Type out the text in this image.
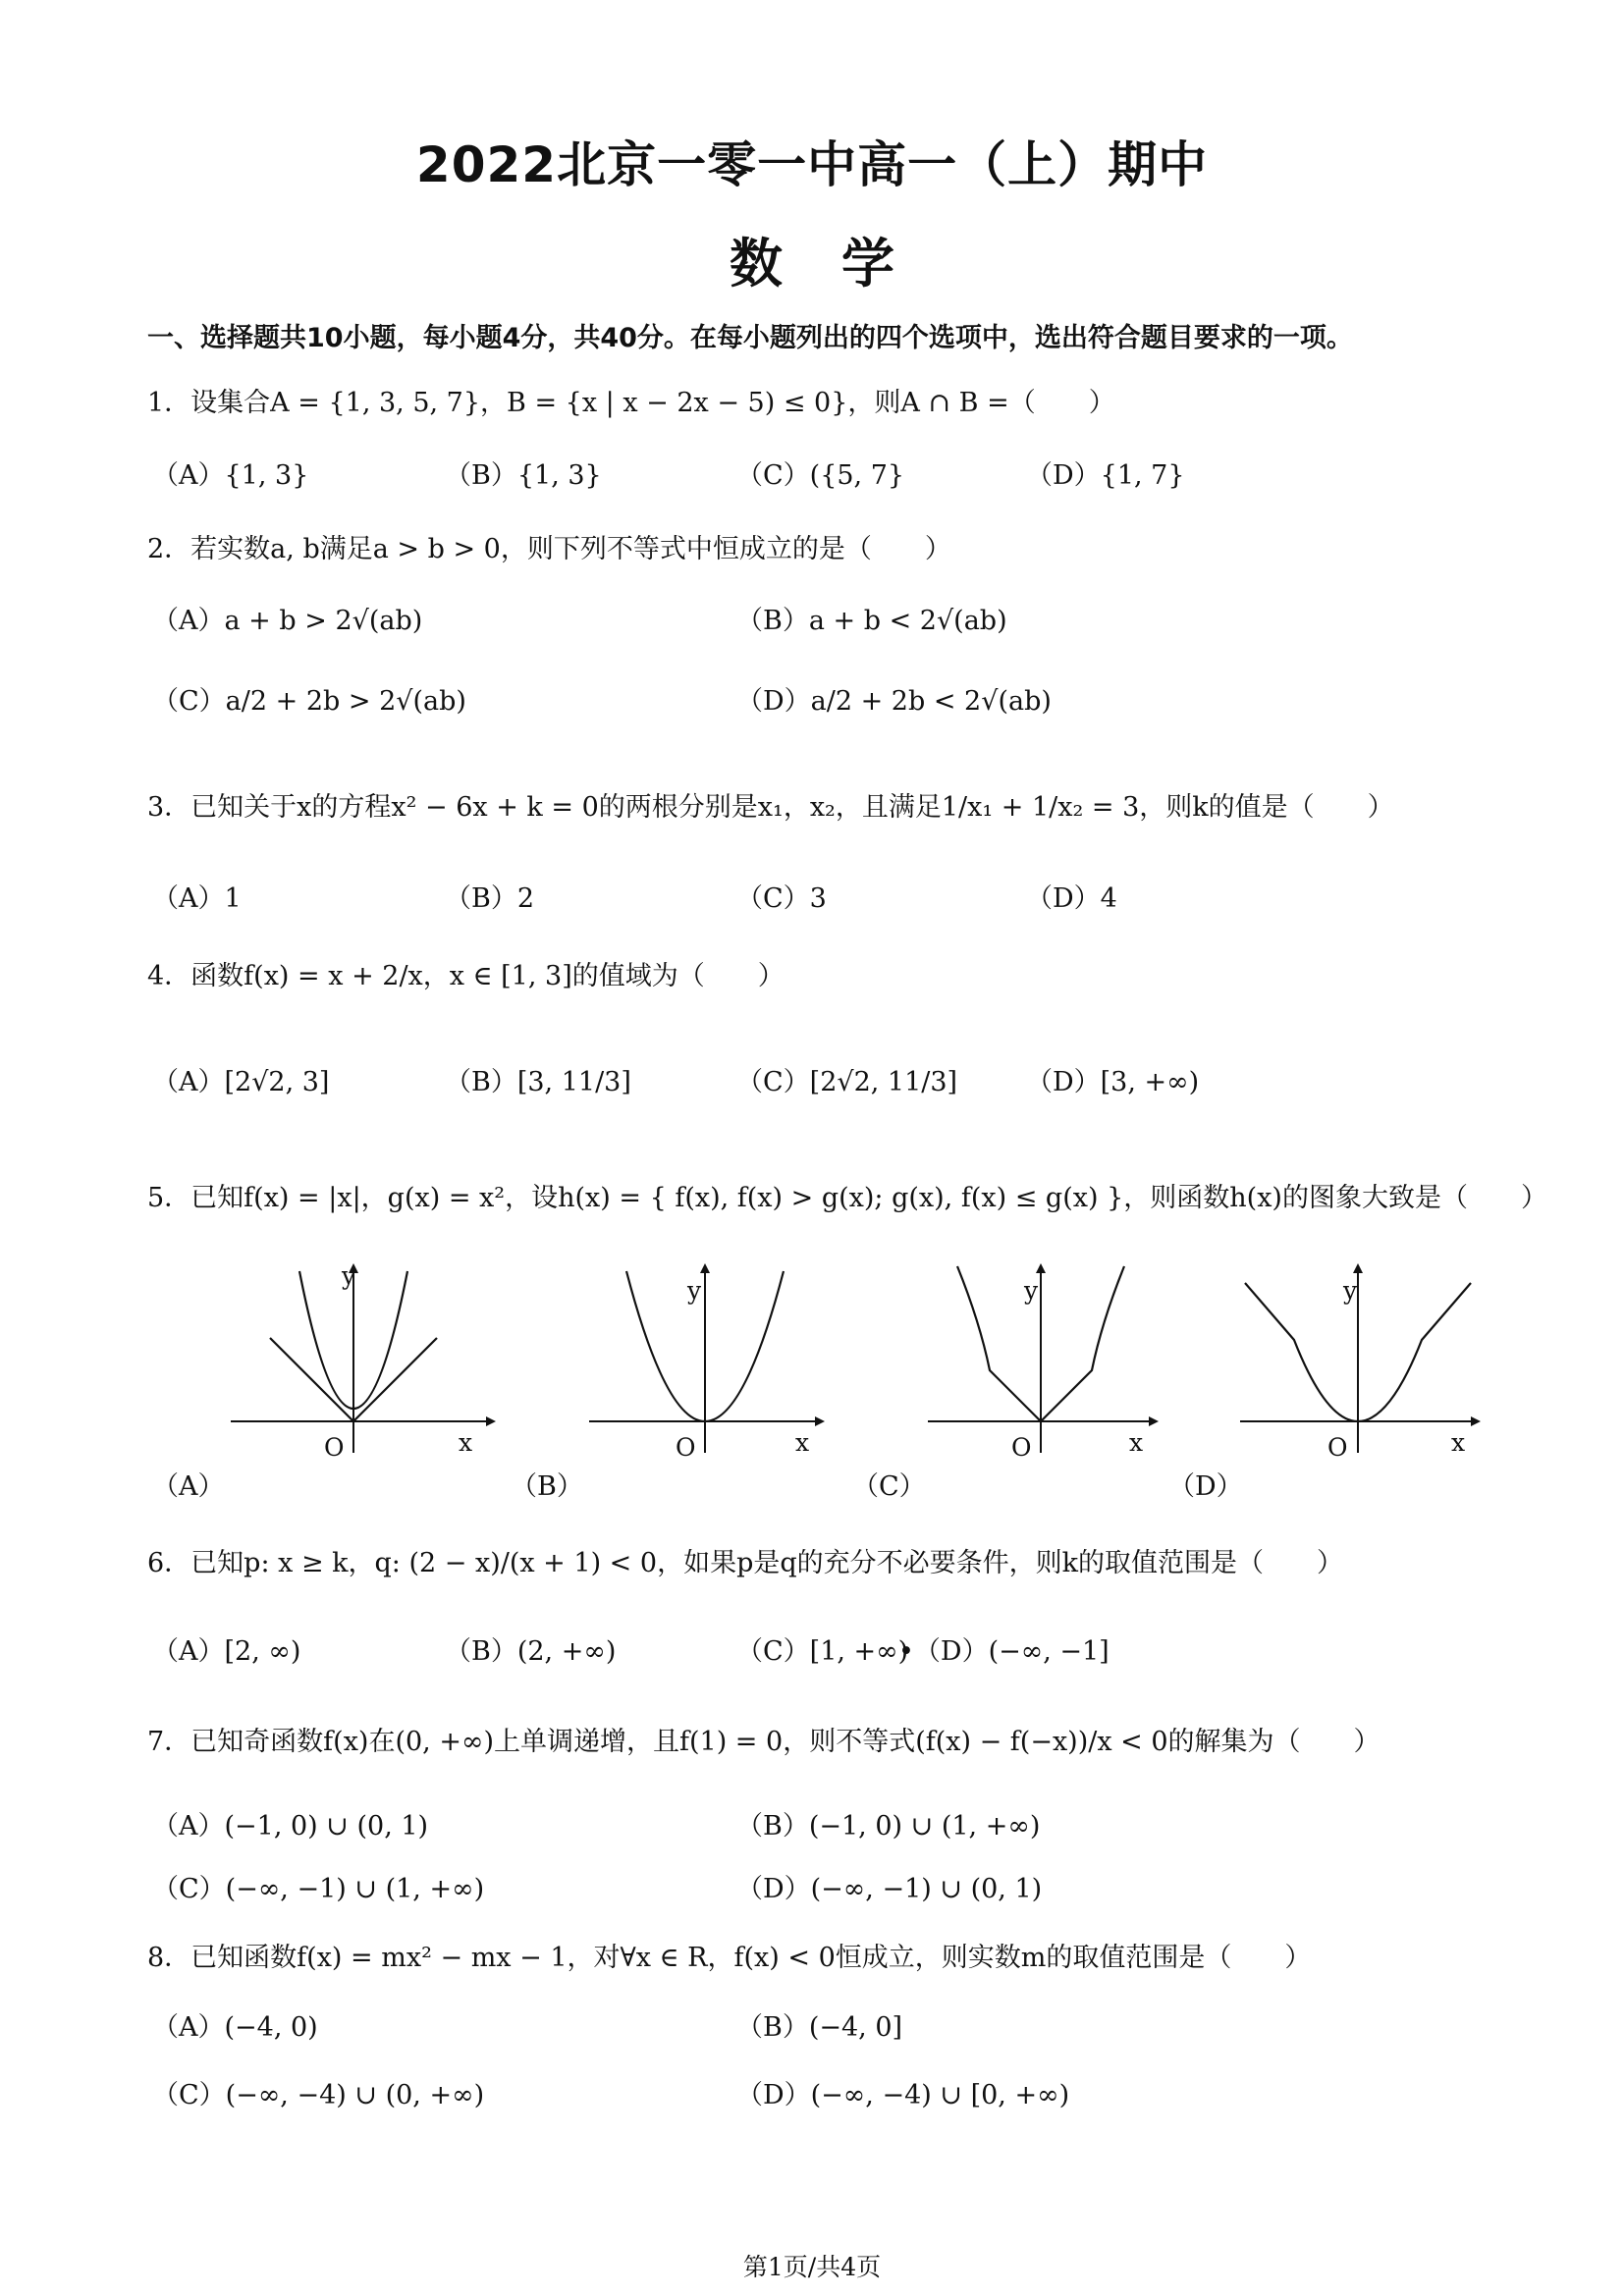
2022北京一零一中高一（上）期中
数学
一、选择题共10小题，每小题4分，共40分。在每小题列出的四个选项中，选出符合题目要求的一项。
1．设集合A = {1, 3, 5, 7}，B = {x | x − 2x − 5) ≤ 0}，则A ∩ B =（　　）
（A）{1, 3}	（B）{1, 3}	（C）({5, 7}	（D）{1, 7}
2．若实数a, b满足a > b > 0，则下列不等式中恒成立的是（　　）
（A）a + b > 2√(ab)	（B）a + b < 2√(ab)
（C）a/2 + 2b > 2√(ab)	（D）a/2 + 2b < 2√(ab)
3．已知关于x的方程x² − 6x + k = 0的两根分别是x₁，x₂，且满足1/x₁ + 1/x₂ = 3，则k的值是（　　）
（A）1	（B）2	（C）3	（D）4
4．函数f(x) = x + 2/x，x ∈ [1, 3]的值域为（　　）
（A）[2√2, 3]	（B）[3, 11/3]	（C）[2√2, 11/3]	（D）[3, +∞)
5．已知f(x) = |x|，g(x) = x²，设h(x) = { f(x), f(x) > g(x); g(x), f(x) ≤ g(x) }，则函数h(x)的图象大致是（　　）
y
x
O
（A）
y
x
O
（B）
y
x
O
（C）
y
x
O
（D）
6．已知p: x ≥ k，q: (2 − x)/(x + 1) < 0，如果p是q的充分不必要条件，则k的取值范围是（　　）
（A）[2, ∞)	（B）(2, +∞)	（C）[1, +∞)
•（D）(−∞, −1]
7．已知奇函数f(x)在(0, +∞)上单调递增，且f(1) = 0，则不等式(f(x) − f(−x))/x < 0的解集为（　　）
（A）(−1, 0) ∪ (0, 1)	（B）(−1, 0) ∪ (1, +∞)
（C）(−∞, −1) ∪ (1, +∞)	（D）(−∞, −1) ∪ (0, 1)
8．已知函数f(x) = mx² − mx − 1，对∀x ∈ R，f(x) < 0恒成立，则实数m的取值范围是（　　）
（A）(−4, 0)	（B）(−4, 0]
（C）(−∞, −4) ∪ (0, +∞)	（D）(−∞, −4) ∪ [0, +∞)
第1页/共4页
